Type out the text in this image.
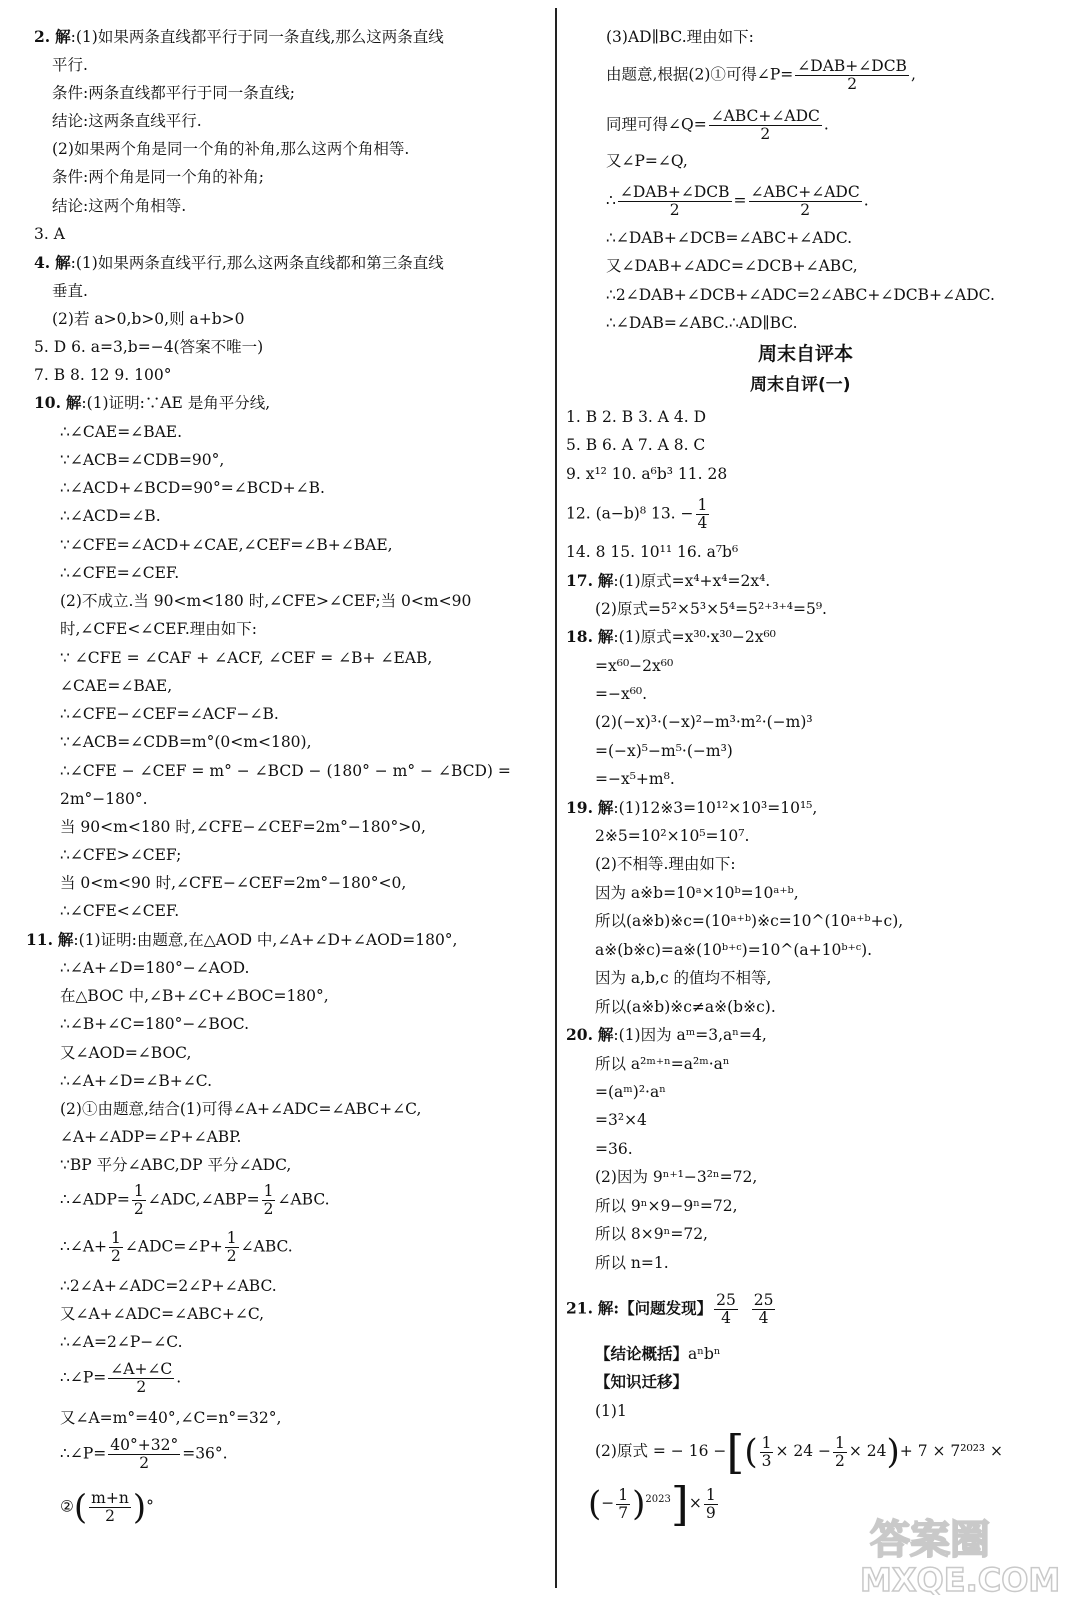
2. 解:(1)如果两条直线都平行于同一条直线,那么这两条直线
平行.
条件:两条直线都平行于同一条直线;
结论:这两条直线平行.
(2)如果两个角是同一个角的补角,那么这两个角相等.
条件:两个角是同一个角的补角;
结论:这两个角相等.
3. A
4. 解:(1)如果两条直线平行,那么这两条直线都和第三条直线
垂直.
(2)若 a>0,b>0,则 a+b>0
5. D 6. a=3,b=−4(答案不唯一)
7. B 8. 12 9. 100°
10. 解:(1)证明:∵AE 是角平分线,
∴∠CAE=∠BAE.
∵∠ACB=∠CDB=90°,
∴∠ACD+∠BCD=90°=∠BCD+∠B.
∴∠ACD=∠B.
∵∠CFE=∠ACD+∠CAE,∠CEF=∠B+∠BAE,
∴∠CFE=∠CEF.
(2)不成立.当 90<m<180 时,∠CFE>∠CEF;当 0<m<90
时,∠CFE<∠CEF.理由如下:
∵ ∠CFE = ∠CAF + ∠ACF, ∠CEF = ∠B+ ∠EAB,
∠CAE=∠BAE,
∴∠CFE−∠CEF=∠ACF−∠B.
∵∠ACB=∠CDB=m°(0<m<180),
∴∠CFE − ∠CEF = m° − ∠BCD − (180° − m° − ∠BCD) =
2m°−180°.
当 90<m<180 时,∠CFE−∠CEF=2m°−180°>0,
∴∠CFE>∠CEF;
当 0<m<90 时,∠CFE−∠CEF=2m°−180°<0,
∴∠CFE<∠CEF.
11. 解:(1)证明:由题意,在△AOD 中,∠A+∠D+∠AOD=180°,
∴∠A+∠D=180°−∠AOD.
在△BOC 中,∠B+∠C+∠BOC=180°,
∴∠B+∠C=180°−∠BOC.
又∠AOD=∠BOC,
∴∠A+∠D=∠B+∠C.
(2)①由题意,结合(1)可得∠A+∠ADC=∠ABC+∠C,
∠A+∠ADP=∠P+∠ABP.
∵BP 平分∠ABC,DP 平分∠ADC,
∴∠ADP= $\frac{1}{2}$ ∠ADC,∠ABP= $\frac{1}{2}$ ∠ABC.
∴∠A+ $\frac{1}{2}$ ∠ADC=∠P+ $\frac{1}{2}$ ∠ABC.
∴2∠A+∠ADC=2∠P+∠ABC.
又∠A+∠ADC=∠ABC+∠C,
∴∠A=2∠P−∠C.
∴∠P= $\frac{\angle A+\angle C}{2}$ .
又∠A=m°=40°,∠C=n°=32°,
∴∠P= $\frac{40^\circ+32^\circ}{2} =36^\circ$.
②( $\frac{m+n}{2}$ )°
(3)AD∥BC.理由如下:
由题意,根据(2)①可得∠P= ∠DAB+∠DCB
2
,
同理可得∠Q= ∠ABC+∠ADC
2
.
又∠P=∠Q,
∴ ∠DAB+∠DCB
2
= ∠ABC+∠ADC
2
.
∴∠DAB+∠DCB=∠ABC+∠ADC.
又∠DAB+∠ADC=∠DCB+∠ABC,
∴2∠DAB+∠DCB+∠ADC=2∠ABC+∠DCB+∠ADC.
∴∠DAB=∠ABC.∴AD∥BC.
周末自评本
周末自评(一)
1. B 2. B 3. A 4. D
5. B 6. A 7. A 8. C
9. x¹² 10. a⁶b³ 11. 28
12. (a−b)⁸ 13. − $\frac{1}{4}$
14. 8 15. 10¹¹ 16. a⁷b⁶
17. 解:(1)原式=x⁴+x⁴=2x⁴.
(2)原式=5²×5³×5⁴=5²⁺³⁺⁴=5⁹.
18. 解:(1)原式=x³⁰·x³⁰−2x⁶⁰
=x⁶⁰−2x⁶⁰
=−x⁶⁰.
(2)(−x)³·(−x)²−m³·m²·(−m)³
=(−x)⁵−m⁵·(−m³)
=−x⁵+m⁸.
19. 解:(1)12※3=10¹²×10³=10¹⁵,
2※5=10²×10⁵=10⁷.
(2)不相等.理由如下:
因为 a※b=10ᵃ×10ᵇ=10ᵃ⁺ᵇ,
所以(a※b)※c=(10ᵃ⁺ᵇ)※c=10^(10ᵃ⁺ᵇ+c),
a※(b※c)=a※(10ᵇ⁺ᶜ)=10^(a+10ᵇ⁺ᶜ).
因为 a,b,c 的值均不相等,
所以(a※b)※c≠a※(b※c).
20. 解:(1)因为 aᵐ=3,aⁿ=4,
所以 a²ᵐ⁺ⁿ=a²ᵐ·aⁿ
=(aᵐ)²·aⁿ
=3²×4
=36.
(2)因为 9ⁿ⁺¹−3²ⁿ=72,
所以 9ⁿ×9−9ⁿ=72,
所以 8×9ⁿ=72,
所以 n=1.
21. 解:【问题发现】 $\frac{25}{4}$
$\frac{25}{4}$
【结论概括】aⁿbⁿ
【知识迁移】
(1)1
(2)原式 = − 16 −[( $\frac{1}{3} \times 24 - \frac{1}{2} \times 24)+ 7 \times 7^{2023}$ ×
(− $\frac{1}{7} )^{2023}]\times \frac{1}{9}$
答案圈
MXQE.COM
